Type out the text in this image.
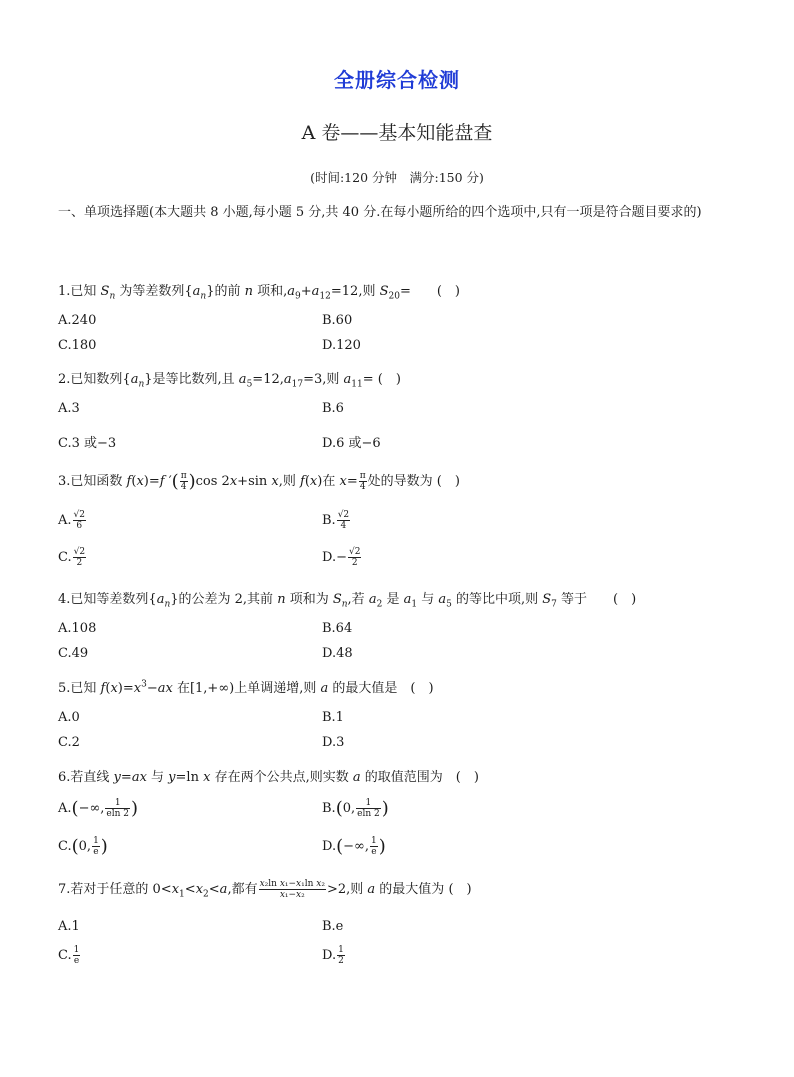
全册综合检测
A 卷——基本知能盘查
(时间:120 分钟　满分:150 分)
一、单项选择题(本大题共 8 小题,每小题 5 分,共 40 分.在每小题所给的四个选项中,只有一项是符合题目要求的)
1.已知 $S_n$ 为等差数列$\{a_n\}$的前 n 项和$,a_9+a_{12}=12$,则 $S_{20}=$　　(　)
A.240	B.60
C.180	D.120
2.已知数列$\{a_n\}$是等比数列,且 $a_5=12,a_{17}=3$,则 $a_{11}=$ (　)
A.3	B.6
C.3 或−3	D.6 或−6
3.已知函数 f(x)=f ′( $\frac{\pi}{4} )\cos$ 2x+sin x,则 f(x)在 $x= \frac{\pi}{4}$ 处的导数为 (　)
A. $\frac{√2}{6}$	B. $\frac{√2}{4}$
C. $\frac{√2}{2}$	$D.- \frac{√2}{2}$
4.已知等差数列$\{a_n\}$的公差为 2,其前 n 项和为 $S_n$,若 $a_2$ 是 $a_1$ 与 $a_5$ 的等比中项,则 $S_7$ 等于　　(　)
A.108	B.64
C.49	D.48
5.已知 $f(x)=x^3-ax$ 在[1,+∞)上单调递增,则 a 的最大值是　(　)
A.0	B.1
C.2	D.3
6.若直线 y=ax 与 y=ln x 存在两个公共点,则实数 a 的取值范围为　(　)
A.(−∞, $\frac{1}{eln 2}$ )	B.(0, $\frac{1}{eln 2}$ )
C.(0, $\frac{1}{e}$ )	D.(−∞, $\frac{1}{e}$ )
7.若对于任意的 $0<x_1<x_2<a$,都有 $\frac{\text{x₂ln x₁−x₁ln x₂}}{\text{x₁−x₂}} >2$,则 a 的最大值为 (　)
A.1	B.e
C. $\frac{1}{e}$	D. $\frac{1}{2}$
